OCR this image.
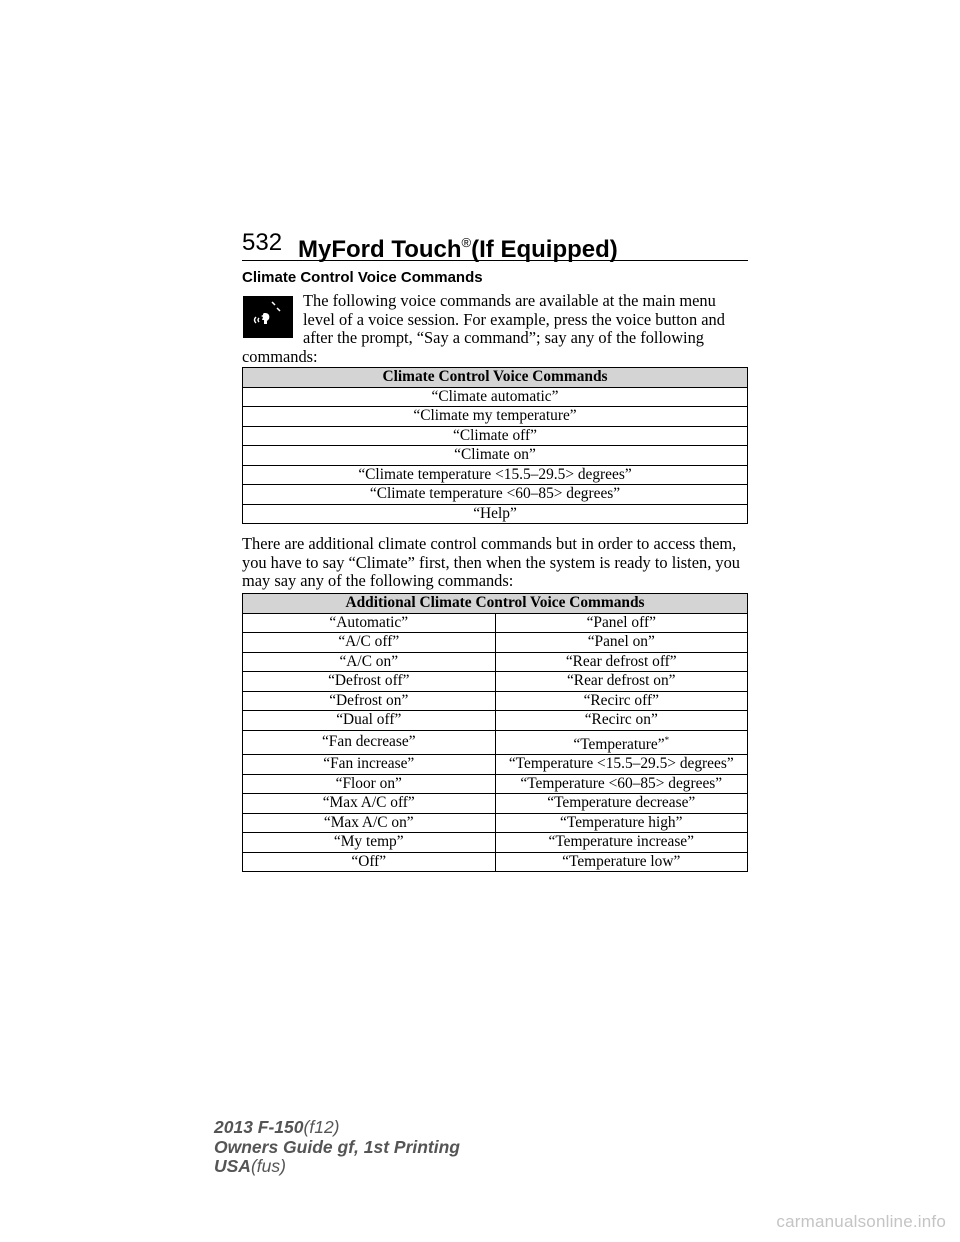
532 MyFord Touch®(If Equipped)
Climate Control Voice Commands
The following voice commands are available at the main menu level of a voice session. For example, press the voice button and after the prompt, “Say a command”; say any of the following commands:
Climate Control Voice Commands
“Climate automatic”
“Climate my temperature”
“Climate off”
“Climate on”
“Climate temperature <15.5–29.5> degrees”
“Climate temperature <60–85> degrees”
“Help”
There are additional climate control commands but in order to access them, you have to say “Climate” first, then when the system is ready to listen, you may say any of the following commands:
Additional Climate Control Voice Commands	
“Automatic”	“Panel off”
“A/C off”	“Panel on”
“A/C on”	“Rear defrost off”
“Defrost off”	“Rear defrost on”
“Defrost on”	“Recirc off”
“Dual off”	“Recirc on”
“Fan decrease”	“Temperature”*
“Fan increase”	“Temperature <15.5–29.5> degrees”
“Floor on”	“Temperature <60–85> degrees”
“Max A/C off”	“Temperature decrease”
“Max A/C on”	“Temperature high”
“My temp”	“Temperature increase”
“Off”	“Temperature low”
2013 F-150(f12)
Owners Guide gf, 1st Printing
USA(fus)
carmanualsonline.info
